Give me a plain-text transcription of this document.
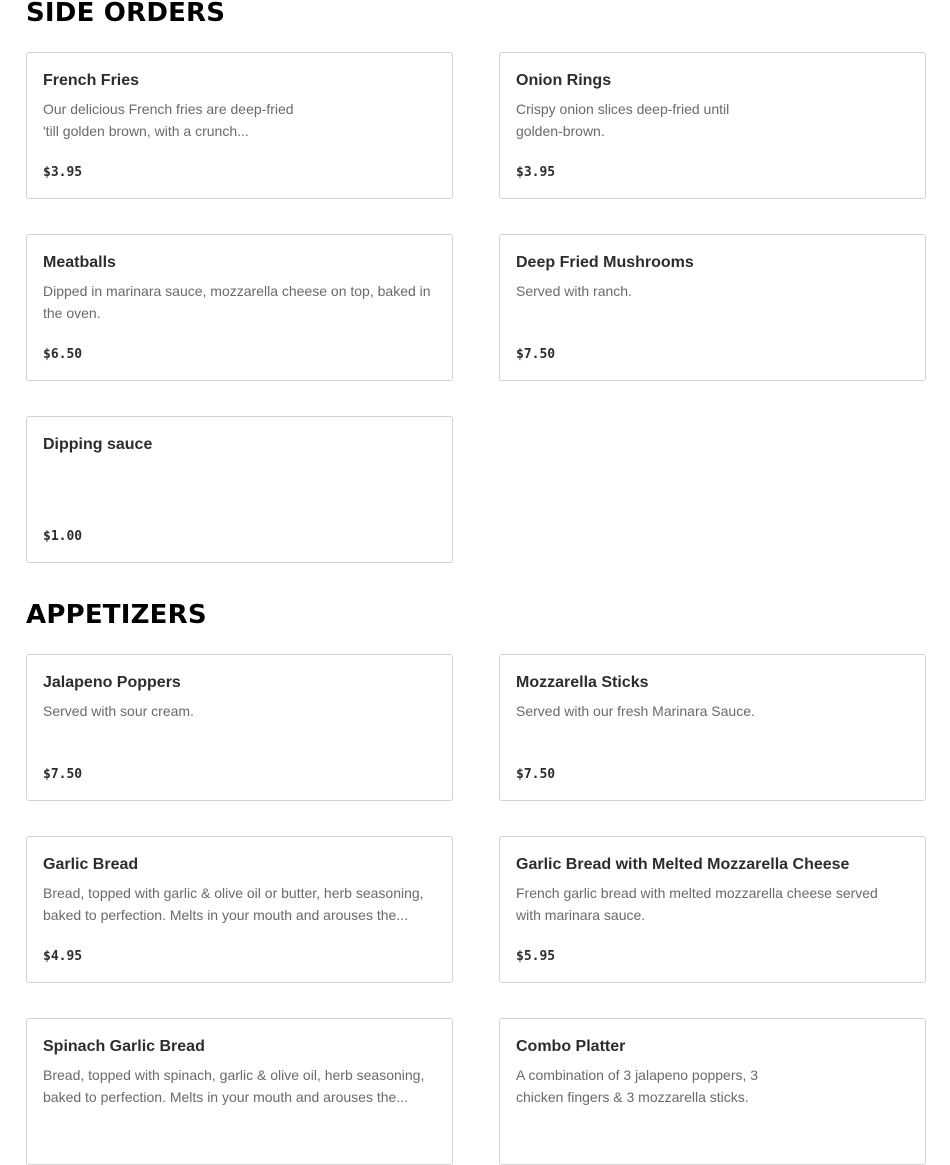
SIDE ORDERS
French Fries
Our delicious French fries are deep-fried 'till golden brown, with a crunch...
$3.95
Onion Rings
Crispy onion slices deep-fried until golden-brown.
$3.95
Meatballs
Dipped in marinara sauce, mozzarella cheese on top, baked in the oven.
$6.50
Deep Fried Mushrooms
Served with ranch.
$7.50
Dipping sauce
$1.00
APPETIZERS
Jalapeno Poppers
Served with sour cream.
$7.50
Mozzarella Sticks
Served with our fresh Marinara Sauce.
$7.50
Garlic Bread
Bread, topped with garlic & olive oil or butter, herb seasoning, baked to perfection. Melts in your mouth and arouses the...
$4.95
Garlic Bread with Melted Mozzarella Cheese
French garlic bread with melted mozzarella cheese served with marinara sauce.
$5.95
Spinach Garlic Bread
Bread, topped with spinach, garlic & olive oil, herb seasoning, baked to perfection. Melts in your mouth and arouses the...
Combo Platter
A combination of 3 jalapeno poppers, 3 chicken fingers & 3 mozzarella sticks.
